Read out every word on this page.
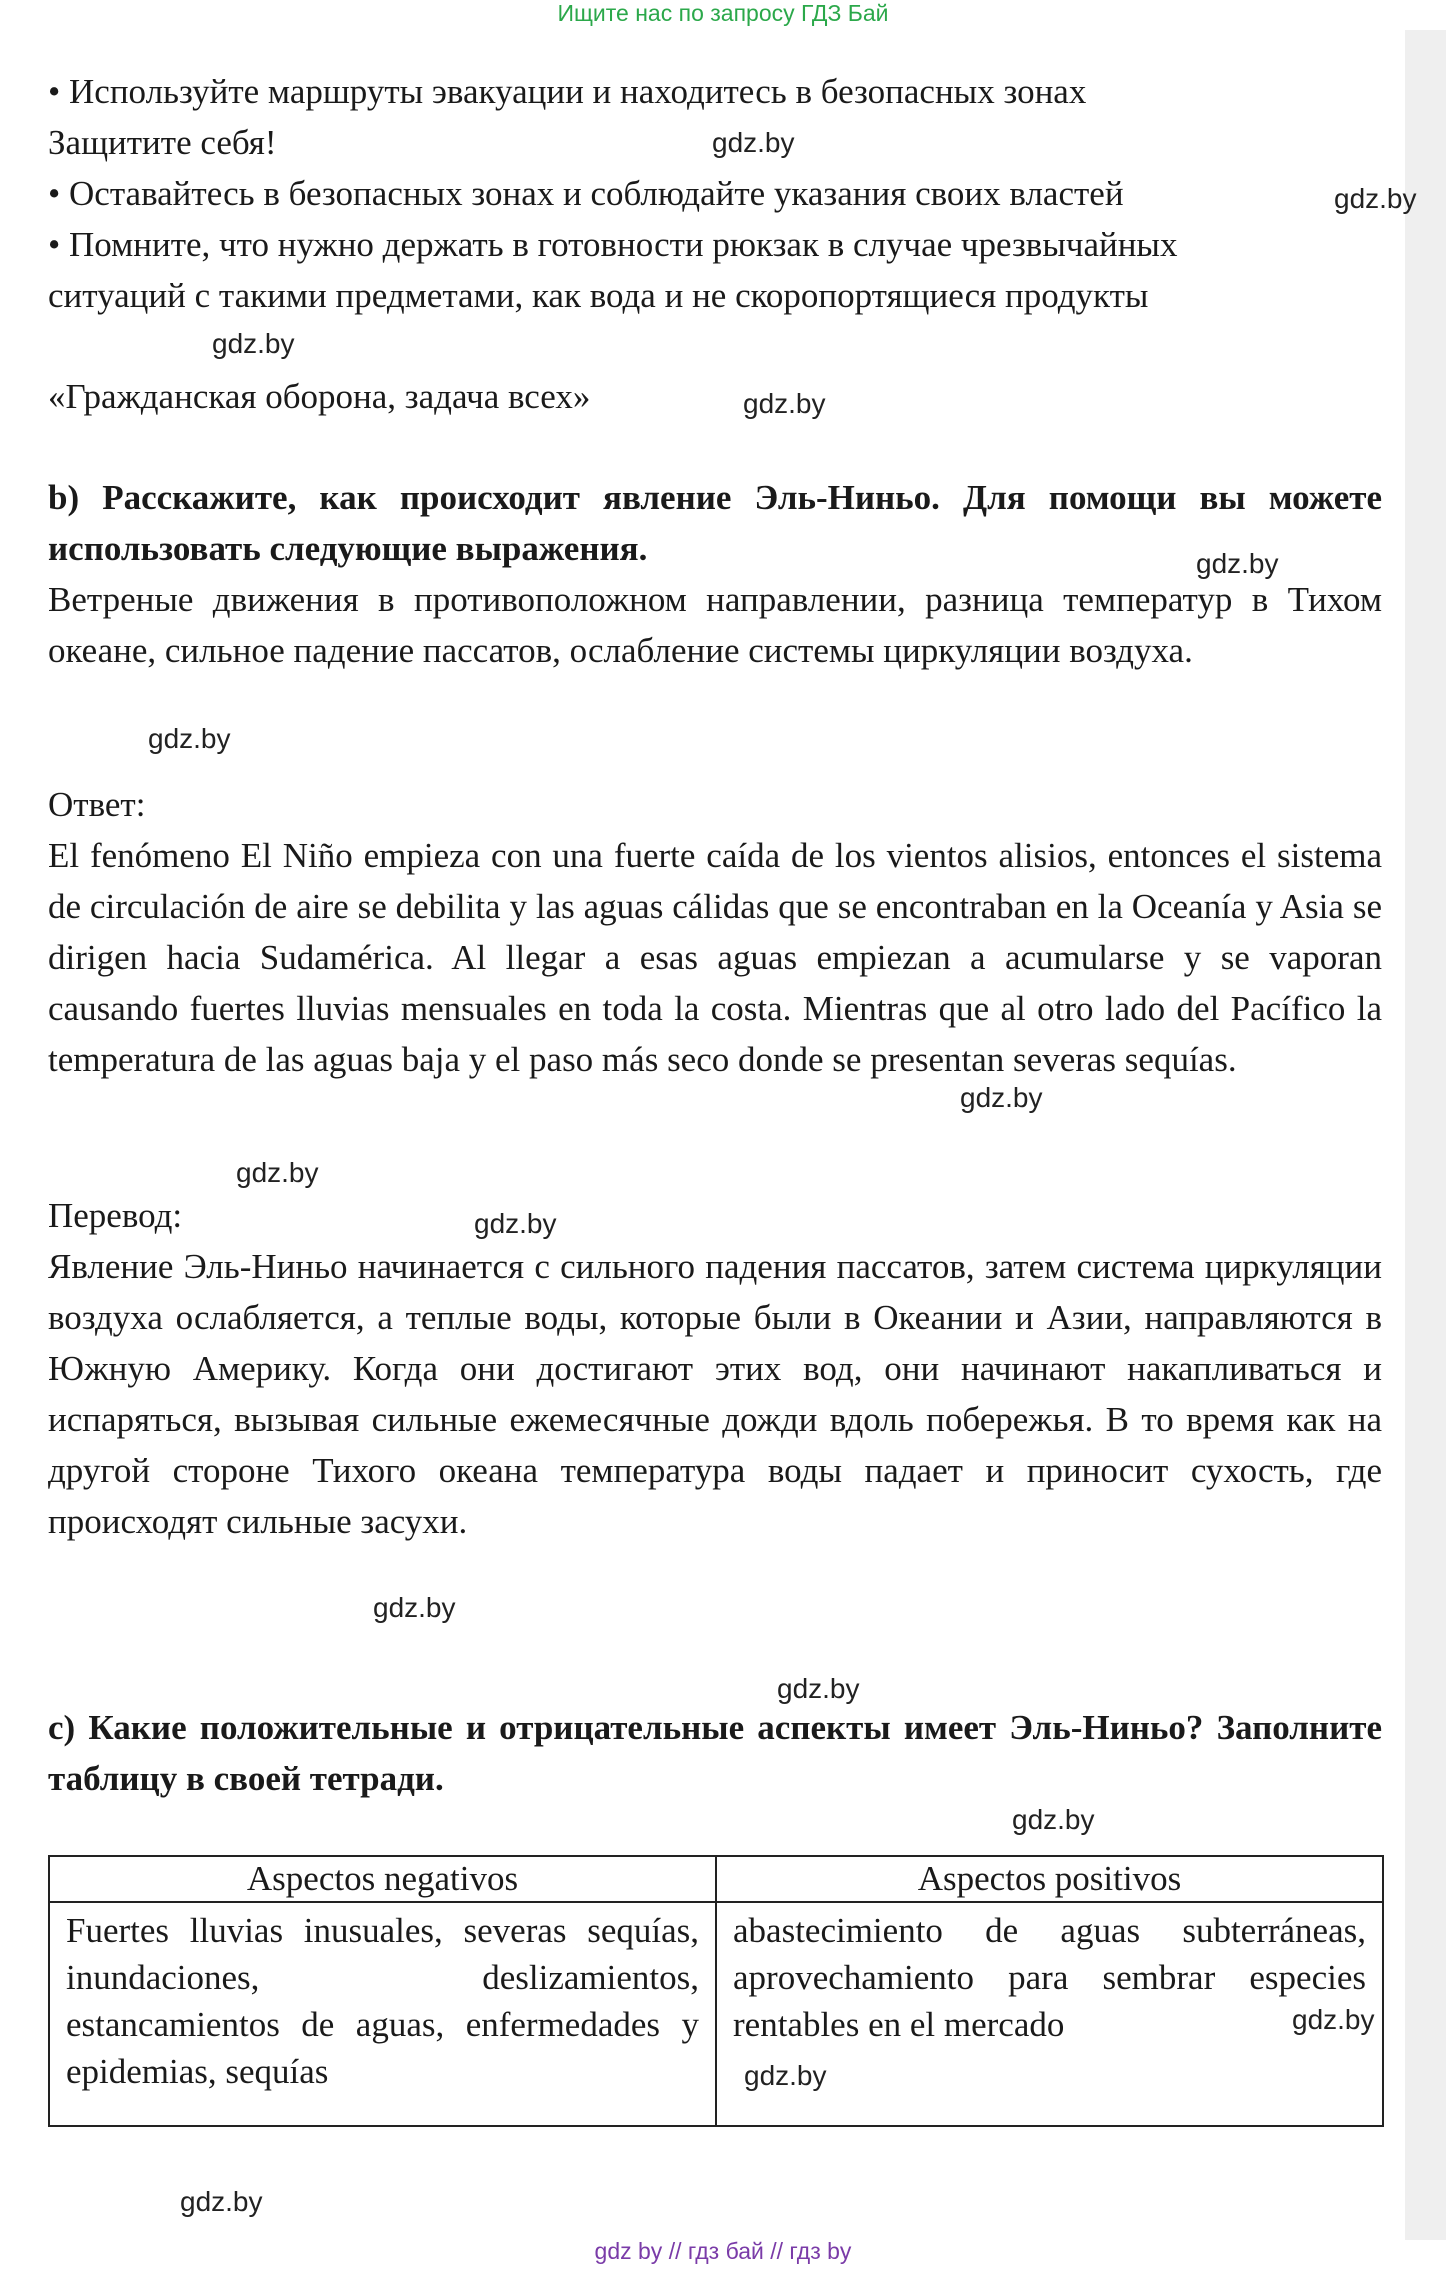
Ищите нас по запросу ГДЗ Бай
• Используйте маршруты эвакуации и находитесь в безопасных зонах
Защитите себя!
• Оставайтесь в безопасных зонах и соблюдайте указания своих властей
• Помните, что нужно держать в готовности рюкзак в случае чрезвычайных
ситуаций с такими предметами, как вода и не скоропортящиеся продукты
«Гражданская оборона, задача всех»
b) Расскажите, как происходит явление Эль-Ниньо. Для помощи вы можете использовать следующие выражения.
Ветреные движения в противоположном направлении, разница температур в Тихом океане, сильное падение пассатов, ослабление системы циркуляции воздуха.
Ответ:
El fenómeno El Niño empieza con una fuerte caída de los vientos alisios, entonces el sistema de circulación de aire se debilita y las aguas cálidas que se encontraban en la Oceanía y Asia se dirigen hacia Sudamérica. Al llegar a esas aguas empiezan a acumularse y se vaporan causando fuertes lluvias mensuales en toda la costa. Mientras que al otro lado del Pacífico la temperatura de las aguas baja y el paso más seco donde se presentan severas sequías.
Перевод:
Явление Эль-Ниньо начинается с сильного падения пассатов, затем система циркуляции воздуха ослабляется, а теплые воды, которые были в Океании и Азии, направляются в Южную Америку. Когда они достигают этих вод, они начинают накапливаться и испаряться, вызывая сильные ежемесячные дожди вдоль побережья. В то время как на другой стороне Тихого океана температура воды падает и приносит сухость, где происходят сильные засухи.
c) Какие положительные и отрицательные аспекты имеет Эль-Ниньо? Заполните таблицу в своей тетради.
Aspectos negativos	Aspectos positivos
Fuertes lluvias inusuales, severas sequías, inundaciones, deslizamientos, estancamientos de aguas, enfermedades y epidemias, sequías	abastecimiento de aguas subterráneas, aprovechamiento para sembrar especies rentables en el mercado
gdz.by
gdz.by
gdz.by
gdz.by
gdz.by
gdz.by
gdz.by
gdz.by
gdz.by
gdz.by
gdz.by
gdz.by
gdz.by
gdz.by
gdz.by
gdz by // гдз бай // гдз by
